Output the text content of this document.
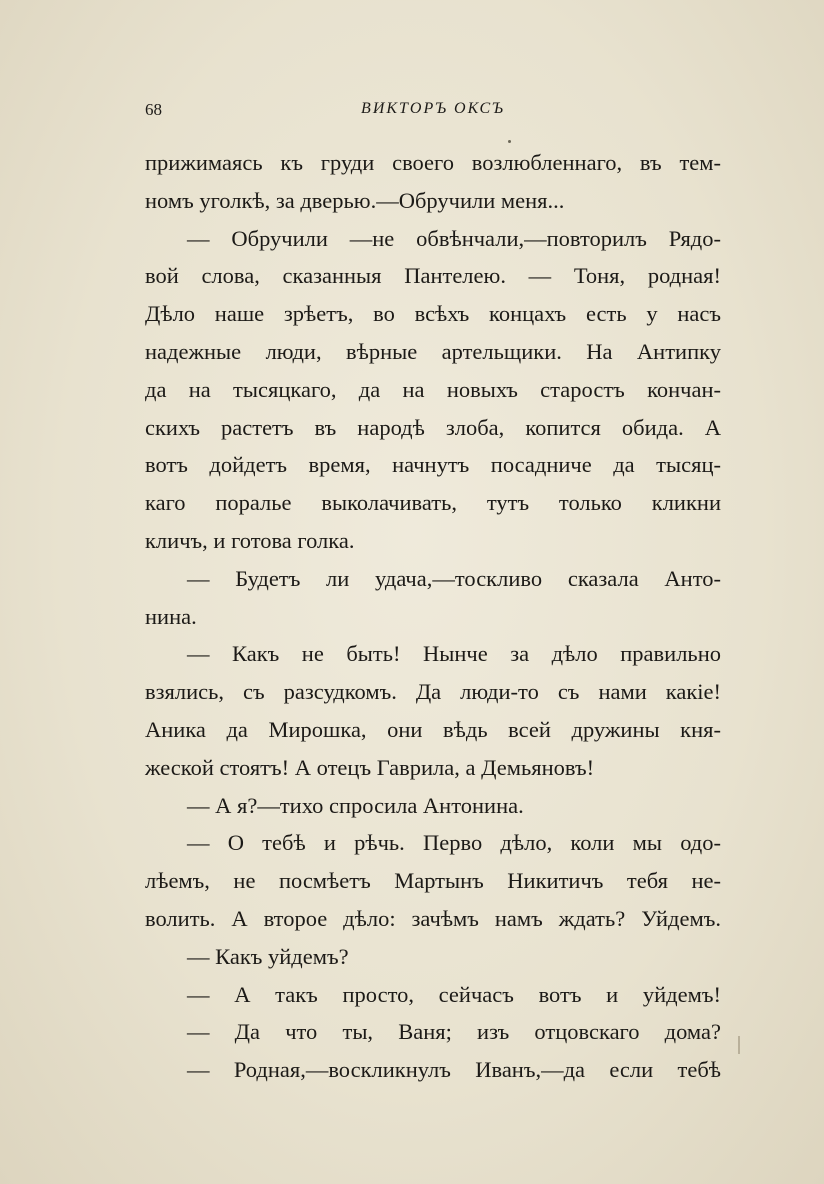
68	ВИКТОРЪ ОКСЪ
прижимаясь къ груди своего возлюбленнаго, въ тем-
номъ уголкѣ, за дверью.—Обручили меня...
— Обручили —не обвѣнчали,—повторилъ Рядо-
вой слова, сказанныя Пантелею. — Тоня, родная!
Дѣло наше зрѣетъ, во всѣхъ концахъ есть у насъ
надежные люди, вѣрные артельщики. На Антипку
да на тысяцкаго, да на новыхъ старостъ кончан-
скихъ растетъ въ народѣ злоба, копится обида. А
вотъ дойдетъ время, начнутъ посадниче да тысяц-
каго поралье выколачивать, тутъ только кликни
кличъ, и готова голка.
— Будетъ ли удача,—тоскливо сказала Анто-
нина.
— Какъ не быть! Нынче за дѣло правильно
взялись, съ разсудкомъ. Да люди-то съ нами какіе!
Аника да Мирошка, они вѣдь всей дружины кня-
жеской стоятъ! А отецъ Гаврила, а Демьяновъ!
— А я?—тихо спросила Антонина.
— О тебѣ и рѣчь. Перво дѣло, коли мы одо-
лѣемъ, не посмѣетъ Мартынъ Никитичъ тебя не-
волить. А второе дѣло: зачѣмъ намъ ждать? Уйдемъ.
— Какъ уйдемъ?
— А такъ просто, сейчасъ вотъ и уйдемъ!
— Да что ты, Ваня; изъ отцовскаго дома?
— Родная,—воскликнулъ Иванъ,—да если тебѣ
